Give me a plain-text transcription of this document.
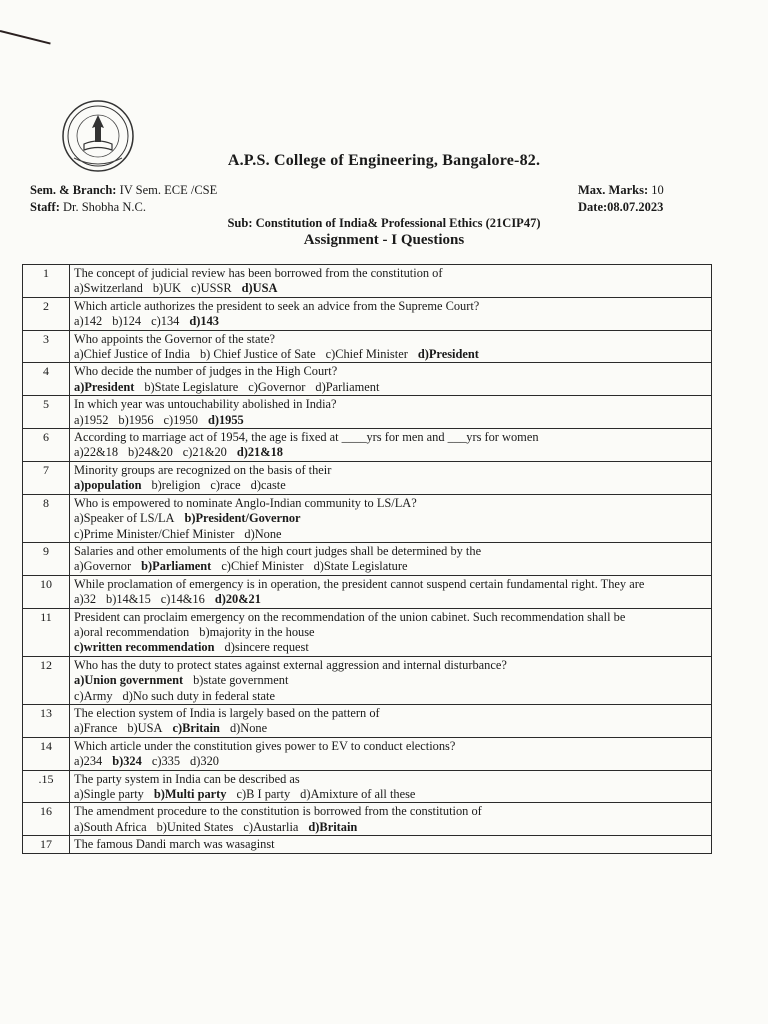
A.P.S. College of Engineering, Bangalore-82.
Sem. & Branch: IV Sem. ECE /CSE
Staff: Dr. Shobha N.C.
Max. Marks: 10
Date:08.07.2023
Sub: Constitution of India& Professional Ethics (21CIP47)
Assignment - I Questions
1	The concept of judicial review has been borrowed from the constitution of
a)Switzerland b)UK c)USSR d)USA

2	Which article authorizes the president to seek an advice from the Supreme Court?
a)142 b)124 c)134 d)143

3	Who appoints the Governor of the state?
a)Chief Justice of India b) Chief Justice of Sate c)Chief Minister d)President

4	Who decide the number of judges in the High Court?
a)President b)State Legislature c)Governor d)Parliament

5	In which year was untouchability abolished in India?
a)1952 b)1956 c)1950 d)1955

6	According to marriage act of 1954, the age is fixed at ____yrs for men and ___yrs for women
a)22&18 b)24&20 c)21&20 d)21&18

7	Minority groups are recognized on the basis of their
a)population b)religion c)race d)caste

8	Who is empowered to nominate Anglo-Indian community to LS/LA?
a)Speaker of LS/LA b)President/Governor
c)Prime Minister/Chief Minister d)None

9	Salaries and other emoluments of the high court judges shall be determined by the
a)Governor b)Parliament c)Chief Minister d)State Legislature

10	While proclamation of emergency is in operation, the president cannot suspend certain fundamental right. They are
a)32 b)14&15 c)14&16 d)20&21

11	President can proclaim emergency on the recommendation of the union cabinet. Such recommendation shall be
a)oral recommendation b)majority in the house
c)written recommendation d)sincere request

12	Who has the duty to protect states against external aggression and internal disturbance?
a)Union government b)state government
c)Army d)No such duty in federal state

13	The election system of India is largely based on the pattern of
a)France b)USA c)Britain d)None

14	Which article under the constitution gives power to EV to conduct elections?
a)234 b)324 c)335 d)320

.15	The party system in India can be described as
a)Single party b)Multi party c)B I party d)Amixture of all these

16	The amendment procedure to the constitution is borrowed from the constitution of
a)South Africa b)United States c)Austarlia d)Britain

17	The famous Dandi march was wasaginst
